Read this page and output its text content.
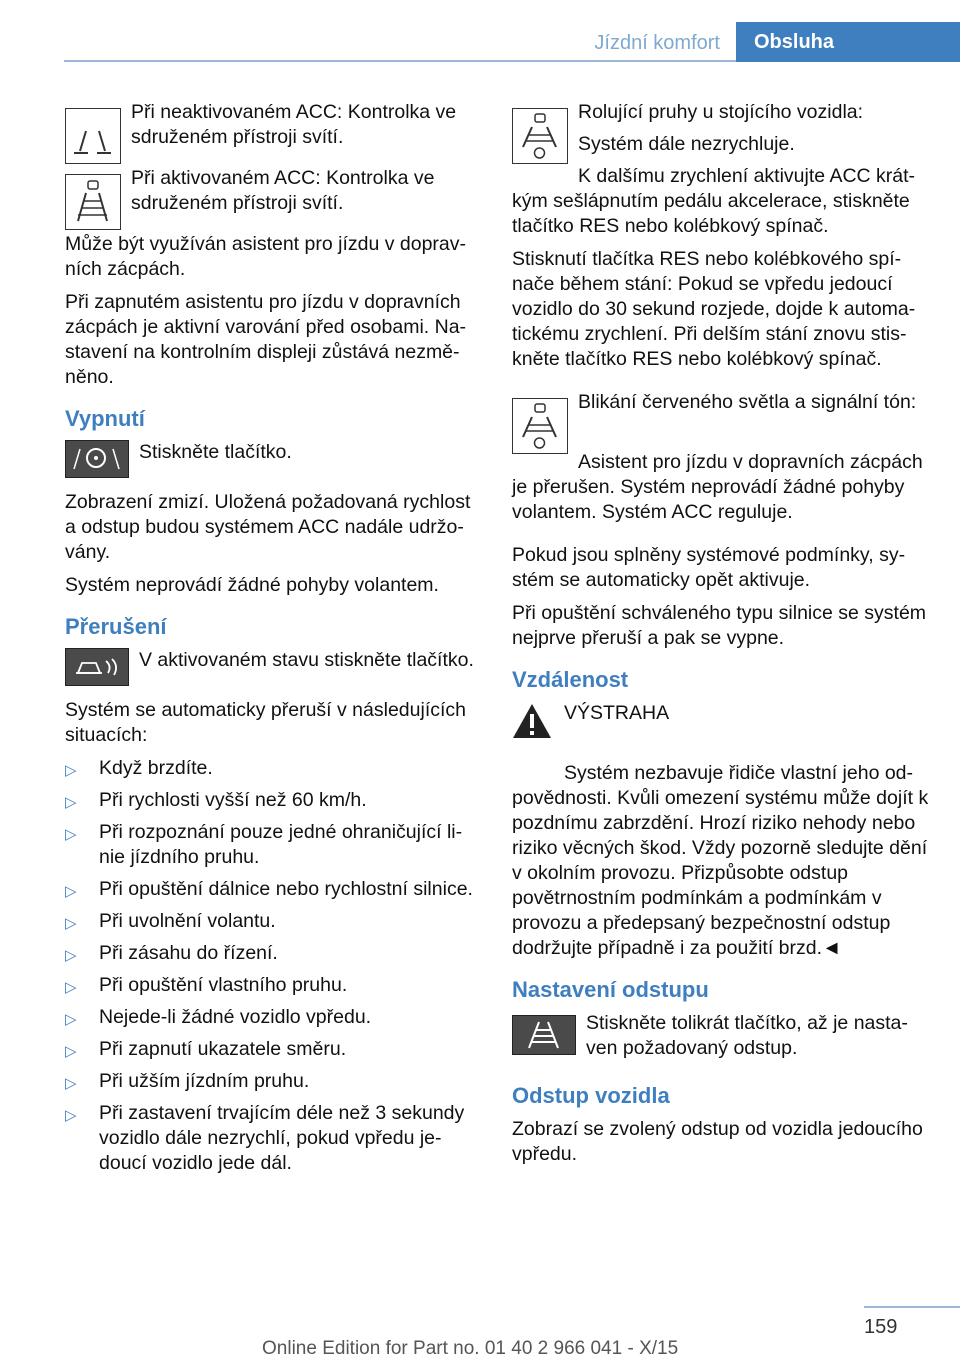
Jízdní komfort	Obsluha

Při neaktivovaném ACC: Kontrolka ve sdruženém přístroji svítí.

Při aktivovaném ACC: Kontrolka ve sdruženém přístroji svítí.

Může být využíván asistent pro jízdu v dopravních zácpách.

Při zapnutém asistentu pro jízdu v dopravních zácpách je aktivní varování před osobami. Nastavení na kontrolním displeji zůstává nezměněno.

Vypnutí

Stiskněte tlačítko.

Zobrazení zmizí. Uložená požadovaná rychlost a odstup budou systémem ACC nadále udržovány.

Systém neprovádí žádné pohyby volantem.

Přerušení

V aktivovaném stavu stiskněte tlačítko.

Systém se automaticky přeruší v následujících situacích:

▷ Když brzdíte.
▷ Při rychlosti vyšší než 60 km/h.
▷ Při rozpoznání pouze jedné ohraničující linie jízdního pruhu.
▷ Při opuštění dálnice nebo rychlostní silnice.
▷ Při uvolnění volantu.
▷ Při zásahu do řízení.
▷ Při opuštění vlastního pruhu.
▷ Nejede-li žádné vozidlo vpředu.
▷ Při zapnutí ukazatele směru.
▷ Při užším jízdním pruhu.
▷ Při zastavení trvajícím déle než 3 sekundy vozidlo dále nezrychlí, pokud vpředu jedoucí vozidlo jede dál.

Rolující pruhy u stojícího vozidla:

Systém dále nezrychluje.

K dalšímu zrychlení aktivujte ACC krátkým sešlápnutím pedálu akcelerace, stiskněte tlačítko RES nebo kolébkový spínač.

Stisknutí tlačítka RES nebo kolébkového spínače během stání: Pokud se vpředu jedoucí vozidlo do 30 sekund rozjede, dojde k automatickému zrychlení. Při delším stání znovu stiskněte tlačítko RES nebo kolébkový spínač.

Blikání červeného světla a signální tón:

Asistent pro jízdu v dopravních zácpách je přerušen. Systém neprovádí žádné pohyby volantem. Systém ACC reguluje.

Pokud jsou splněny systémové podmínky, systém se automaticky opět aktivuje.

Při opuštění schváleného typu silnice se systém nejprve přeruší a pak se vypne.

Vzdálenost

VÝSTRAHA

Systém nezbavuje řidiče vlastní jeho odpovědnosti. Kvůli omezení systému může dojít k pozdnímu zabrzdění. Hrozí riziko nehody nebo riziko věcných škod. Vždy pozorně sledujte dění v okolním provozu. Přizpůsobte odstup povětrnostním podmínkám a podmínkám v provozu a předepsaný bezpečnostní odstup dodržujte případně i za použití brzd.◄

Nastavení odstupu

Stiskněte tolikrát tlačítko, až je nastaven požadovaný odstup.

Odstup vozidla

Zobrazí se zvolený odstup od vozidla jedoucího vpředu.

159
Online Edition for Part no. 01 40 2 966 041 - X/15
